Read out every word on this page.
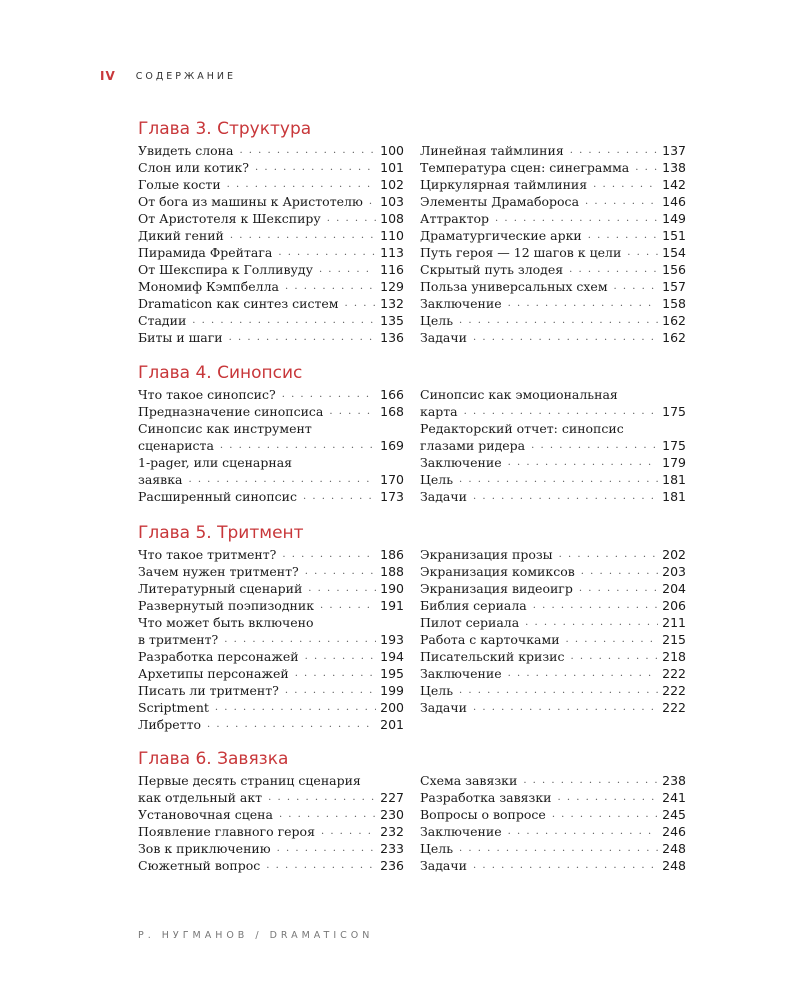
IV СОДЕРЖАНИЕ
Глава 3. Структура
Увидеть слона . . .	100
Слон или котик? . . .	101
Голые кости . . .	102
От бога из машины к Аристотелю . . . 103
От Аристотеля к Шекспиру . . .	108
Дикий гений . . .	110
Пирамида Фрейтага . . .	113
От Шекспира к Голливуду . . .	116
Мономиф Кэмпбелла . . .	129
Dramaticon как синтез систем . . .	132
Стадии . . .	135
Биты и шаги . . .	136
Линейная таймлиния . . .	137
Температура сцен: синеграмма . . .	138
Циркулярная таймлиния . . .	142
Элементы Драмабороса . . .	146
Аттрактор . . .	149
Драматургические арки . . .	151
Путь героя — 12 шагов к цели . . .	154
Скрытый путь злодея . . .	156
Польза универсальных схем . . .	157
Заключение . . .	158
Цель . . .	162
Задачи . . .	162
Глава 4. Синопсис
Что такое синопсис? . . .	166
Предназначение синопсиса . . .	168
Синопсис как инструмент
сценариста . . .	169
1-pager, или сценарная
заявка . . .	170
Расширенный синопсис . . .	173
Синопсис как эмоциональная
карта . . .	175
Редакторский отчет: синопсис
глазами ридера . . .	175
Заключение . . .	179
Цель . . .	181
Задачи . . .	181
Глава 5. Тритмент
Что такое тритмент? . . .	186
Зачем нужен тритмент? . . .	188
Литературный сценарий . . .	190
Развернутый поэпизодник . . .	191
Что может быть включено
в тритмент? . . .	193
Разработка персонажей . . .	194
Архетипы персонажей . . .	195
Писать ли тритмент? . . .	199
Scriptment . . .	200
Либретто . . .	201
Экранизация прозы . . .	202
Экранизация комиксов . . .	203
Экранизация видеоигр . . .	204
Библия сериала . . .	206
Пилот сериала . . .	211
Работа с карточками . . .	215
Писательский кризис . . .	218
Заключение . . .	222
Цель . . .	222
Задачи . . .	222
Глава 6. Завязка
Первые десять страниц сценария
как отдельный акт . . .	227
Установочная сцена . . .	230
Появление главного героя . . .	232
Зов к приключению . . .	233
Сюжетный вопрос . . .	236
Схема завязки . . .	238
Разработка завязки . . .	241
Вопросы о вопросе . . .	245
Заключение . . .	246
Цель . . .	248
Задачи . . .	248
Р. НУГМАНОВ / DRAMATICON
